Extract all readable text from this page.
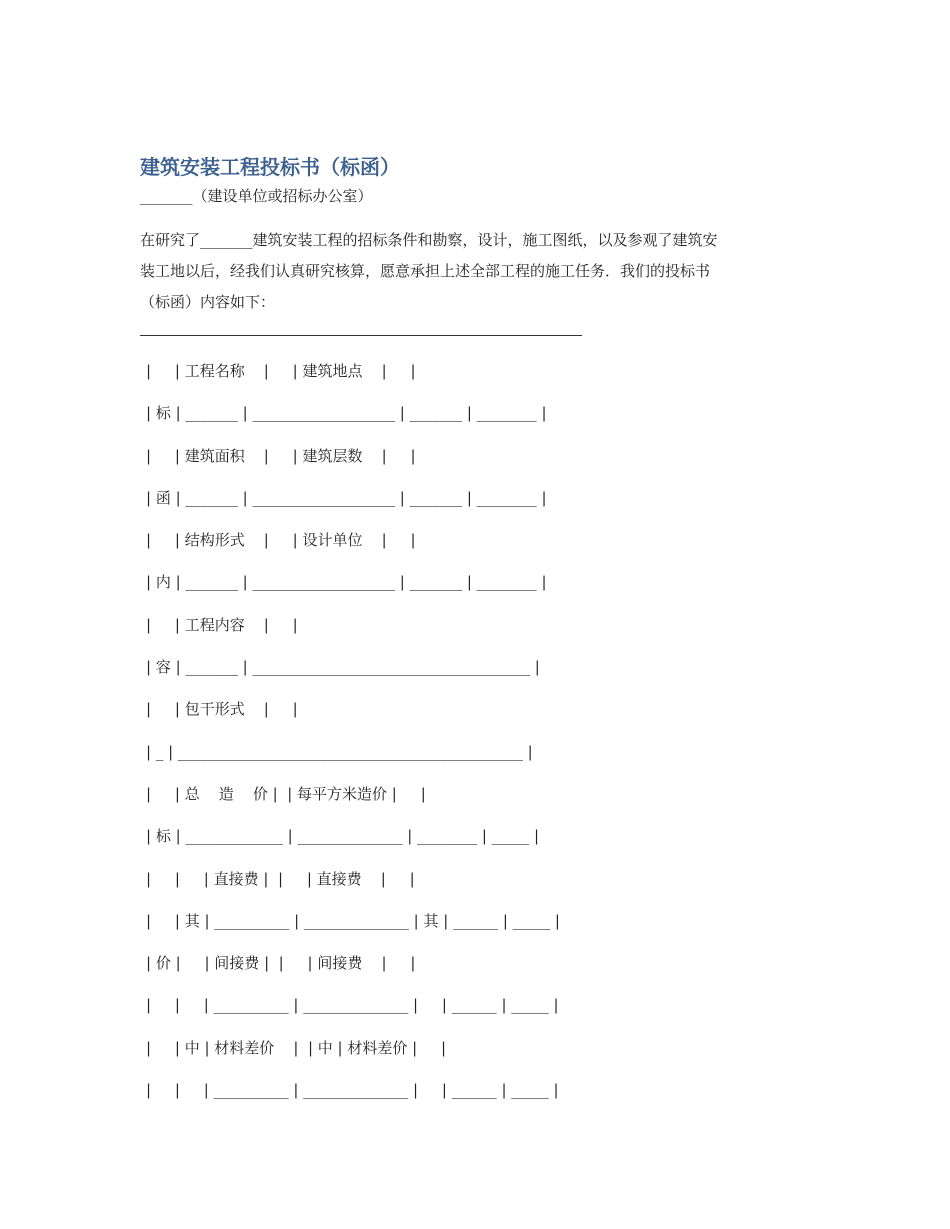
建筑安装工程投标书（标函）

_______（建设单位或招标办公室）

在研究了_______建筑安装工程的招标条件和勘察，设计，施工图纸，以及参观了建筑安
装工地以后，经我们认真研究核算，愿意承担上述全部工程的施工任务．我们的投标书
（标函）内容如下：

|     | 工程名称    |     | 建筑地点    |     |
| 标 | _______ | ___________________ | _______ | ________ |
|     | 建筑面积    |     | 建筑层数    |     |
| 函 | _______ | ___________________ | _______ | ________ |
|     | 结构形式    |     | 设计单位    |     |
| 内 | _______ | ___________________ | _______ | ________ |
|     | 工程内容    |     |
| 容 | _______ | _____________________________________ |
|     | 包干形式    |     |
| _ | ______________________________________________ |
|     | 总    造    价 |  | 每平方米造价 |     |
| 标 | _____________ | ______________ | ________ | _____ |
|     |     | 直接费 |  |     | 直接费    |     |
|     | 其 | __________ | ______________ | 其 | ______ | _____ |
| 价 |     | 间接费 |  |     | 间接费    |     |
|     |     | __________ | ______________ |     | ______ | _____ |
|     | 中 | 材料差价    |  | 中 | 材料差价 |     |
|     |     | __________ | ______________ |     | ______ | _____ |
